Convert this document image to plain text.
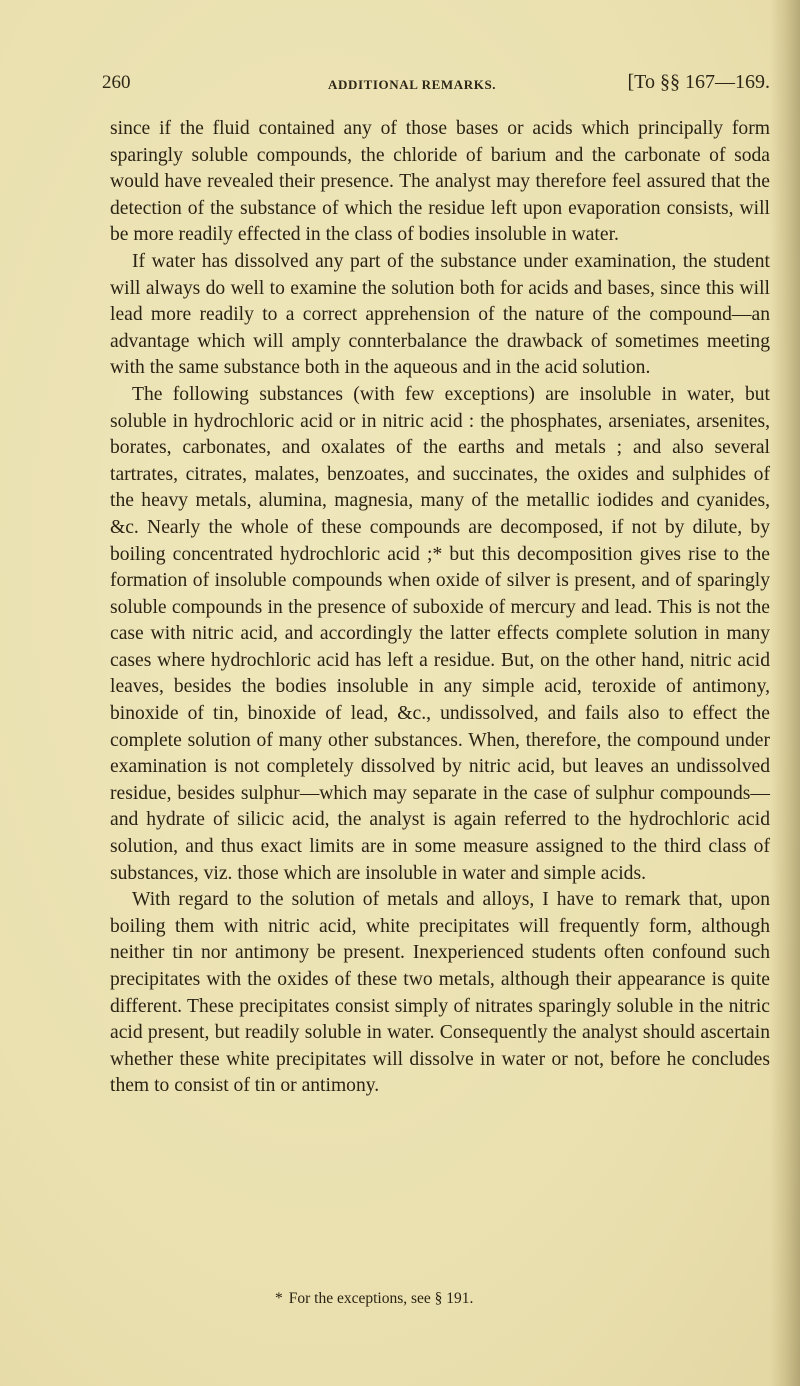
260	ADDITIONAL REMARKS.	[To §§ 167—169.

since if the fluid contained any of those bases or acids which principally form sparingly soluble compounds, the chloride of barium and the carbonate of soda would have revealed their presence. The analyst may therefore feel assured that the detection of the substance of which the residue left upon evaporation consists, will be more readily effected in the class of bodies insoluble in water.

If water has dissolved any part of the substance under examination, the student will always do well to examine the solution both for acids and bases, since this will lead more readily to a correct apprehension of the nature of the compound—an advantage which will amply connterbalance the drawback of sometimes meeting with the same substance both in the aqueous and in the acid solution.

The following substances (with few exceptions) are insoluble in water, but soluble in hydrochloric acid or in nitric acid : the phosphates, arseniates, arsenites, borates, carbonates, and oxalates of the earths and metals ; and also several tartrates, citrates, malates, benzoates, and succinates, the oxides and sulphides of the heavy metals, alumina, magnesia, many of the metallic iodides and cyanides, &c. Nearly the whole of these compounds are decomposed, if not by dilute, by boiling concentrated hydrochloric acid ;* but this decomposition gives rise to the formation of insoluble compounds when oxide of silver is present, and of sparingly soluble compounds in the presence of suboxide of mercury and lead. This is not the case with nitric acid, and accordingly the latter effects complete solution in many cases where hydrochloric acid has left a residue. But, on the other hand, nitric acid leaves, besides the bodies insoluble in any simple acid, teroxide of antimony, binoxide of tin, binoxide of lead, &c., undissolved, and fails also to effect the complete solution of many other substances. When, therefore, the compound under examination is not completely dissolved by nitric acid, but leaves an undissolved residue, besides sulphur—which may separate in the case of sulphur compounds—and hydrate of silicic acid, the analyst is again referred to the hydrochloric acid solution, and thus exact limits are in some measure assigned to the third class of substances, viz. those which are insoluble in water and simple acids.

With regard to the solution of metals and alloys, I have to remark that, upon boiling them with nitric acid, white precipitates will frequently form, although neither tin nor antimony be present. Inexperienced students often confound such precipitates with the oxides of these two metals, although their appearance is quite different. These precipitates consist simply of nitrates sparingly soluble in the nitric acid present, but readily soluble in water. Consequently the analyst should ascertain whether these white precipitates will dissolve in water or not, before he concludes them to consist of tin or antimony.

* For the exceptions, see § 191.
